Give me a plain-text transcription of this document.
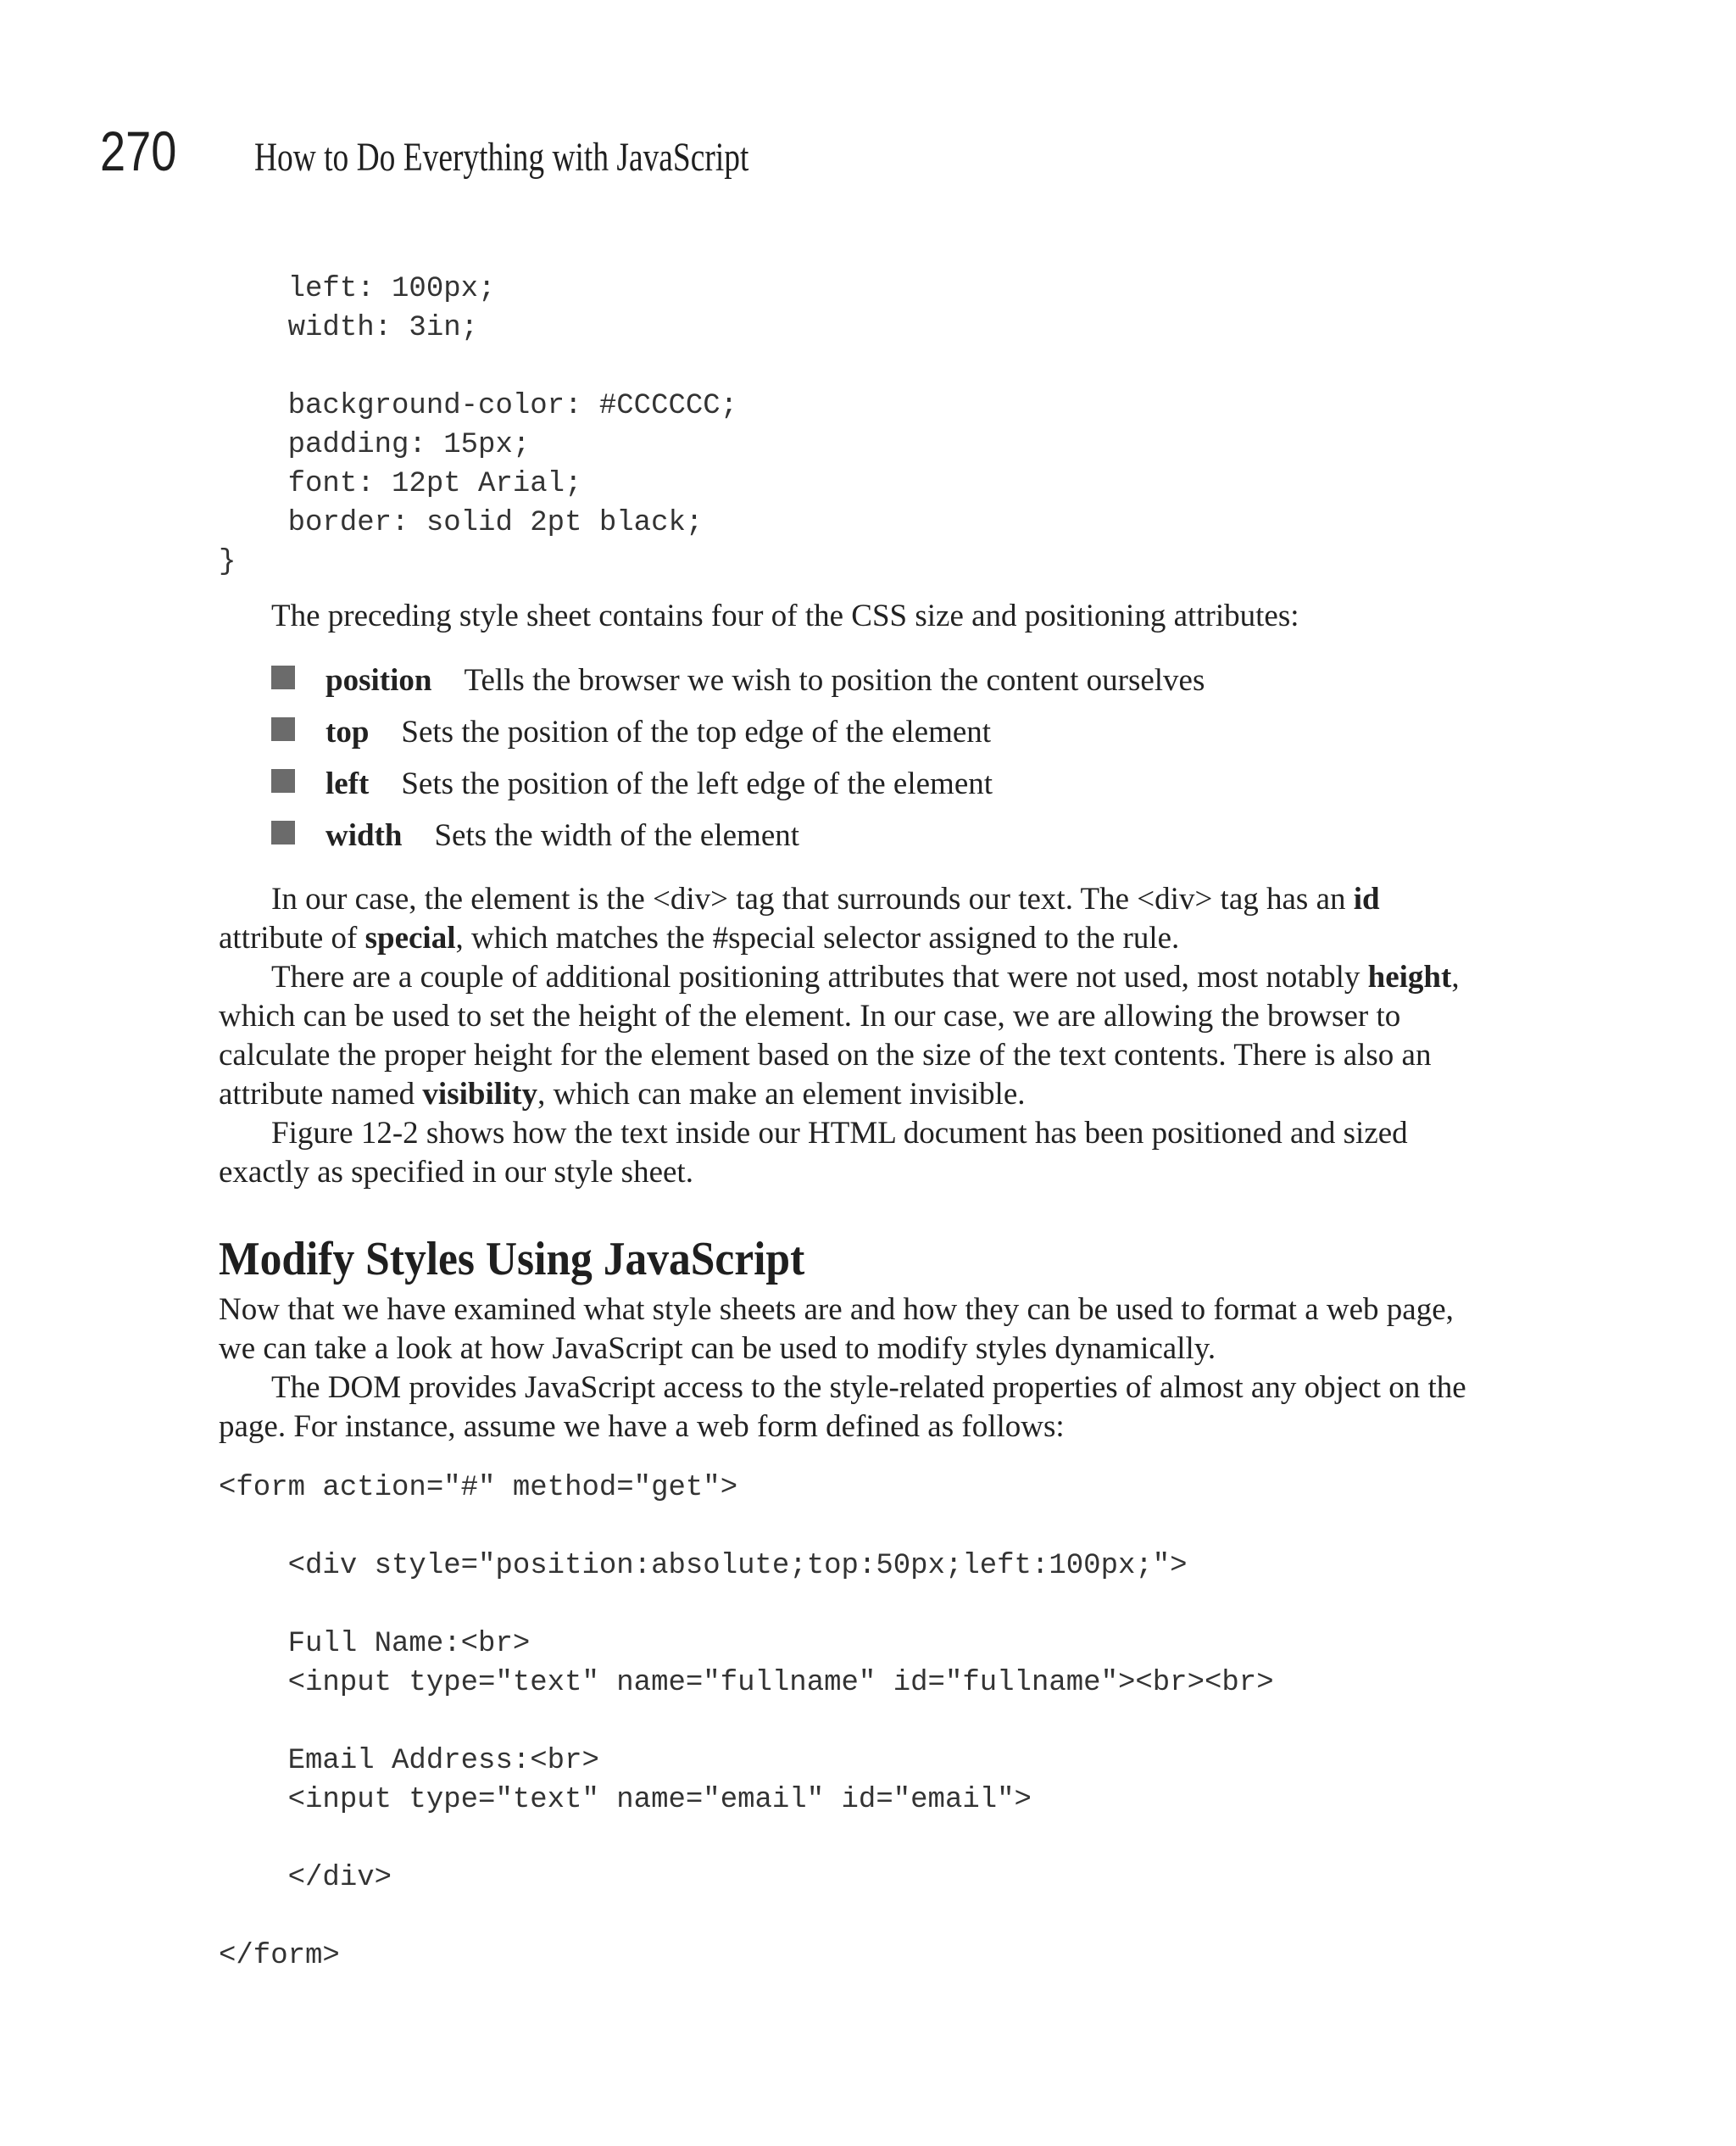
270	How to Do Everything with JavaScript
left: 100px;
width: 3in;
background-color: #CCCCCC;
padding: 15px;
font: 12pt Arial;
border: solid 2pt black;
}

The preceding style sheet contains four of the CSS size and positioning attributes:

position Tells the browser we wish to position the content ourselves
top Sets the position of the top edge of the element
left Sets the position of the left edge of the element
width Sets the width of the element

In our case, the element is the <div> tag that surrounds our text. The <div> tag has an id attribute of special, which matches the #special selector assigned to the rule.

There are a couple of additional positioning attributes that were not used, most notably height, which can be used to set the height of the element. In our case, we are allowing the browser to calculate the proper height for the element based on the size of the text contents. There is also an attribute named visibility, which can make an element invisible.

Figure 12-2 shows how the text inside our HTML document has been positioned and sized exactly as specified in our style sheet.

Modify Styles Using JavaScript

Now that we have examined what style sheets are and how they can be used to format a web page, we can take a look at how JavaScript can be used to modify styles dynamically.

The DOM provides JavaScript access to the style-related properties of almost any object on the page. For instance, assume we have a web form defined as follows:

<form action="#" method="get">
<div style="position:absolute;top:50px;left:100px;">
Full Name:<br>
<input type="text" name="fullname" id="fullname"><br><br>
Email Address:<br>
<input type="text" name="email" id="email">
</div>
</form>
